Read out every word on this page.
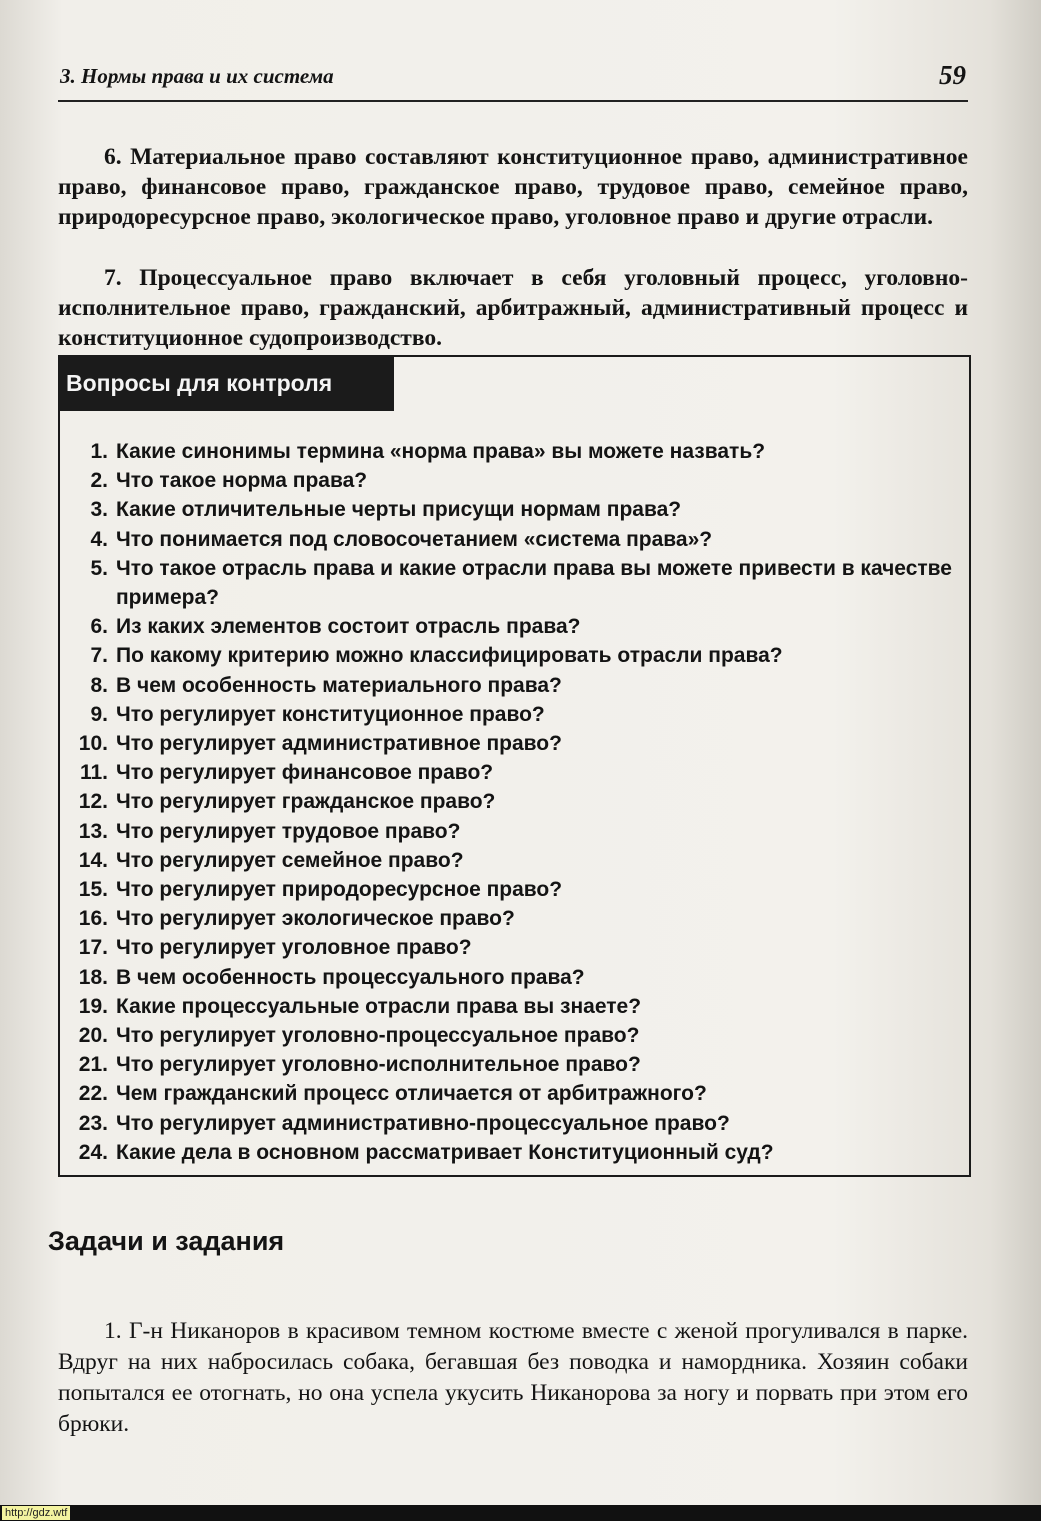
3. Нормы права и их система	59

6. Материальное право составляют конституционное право, административное право, финансовое право, гражданское право, трудовое право, семейное право, природоресурсное право, экологическое право, уголовное право и другие отрасли.

7. Процессуальное право включает в себя уголовный процесс, уголовно-исполнительное право, гражданский, арбитражный, административный процесс и конституционное судопроизводство.

Вопросы для контроля
1. Какие синонимы термина «норма права» вы можете назвать?
2. Что такое норма права?
3. Какие отличительные черты присущи нормам права?
4. Что понимается под словосочетанием «система права»?
5. Что такое отрасль права и какие отрасли права вы можете привести в качестве примера?
6. Из каких элементов состоит отрасль права?
7. По какому критерию можно классифицировать отрасли права?
8. В чем особенность материального права?
9. Что регулирует конституционное право?
10. Что регулирует административное право?
11. Что регулирует финансовое право?
12. Что регулирует гражданское право?
13. Что регулирует трудовое право?
14. Что регулирует семейное право?
15. Что регулирует природоресурсное право?
16. Что регулирует экологическое право?
17. Что регулирует уголовное право?
18. В чем особенность процессуального права?
19. Какие процессуальные отрасли права вы знаете?
20. Что регулирует уголовно-процессуальное право?
21. Что регулирует уголовно-исполнительное право?
22. Чем гражданский процесс отличается от арбитражного?
23. Что регулирует административно-процессуальное право?
24. Какие дела в основном рассматривает Конституционный суд?
Задачи и задания

1. Г-н Никаноров в красивом темном костюме вместе с женой прогуливался в парке. Вдруг на них набросилась собака, бегавшая без поводка и намордника. Хозяин собаки попытался ее отогнать, но она успела укусить Никанорова за ногу и порвать при этом его брюки.

http://gdz.wtf
